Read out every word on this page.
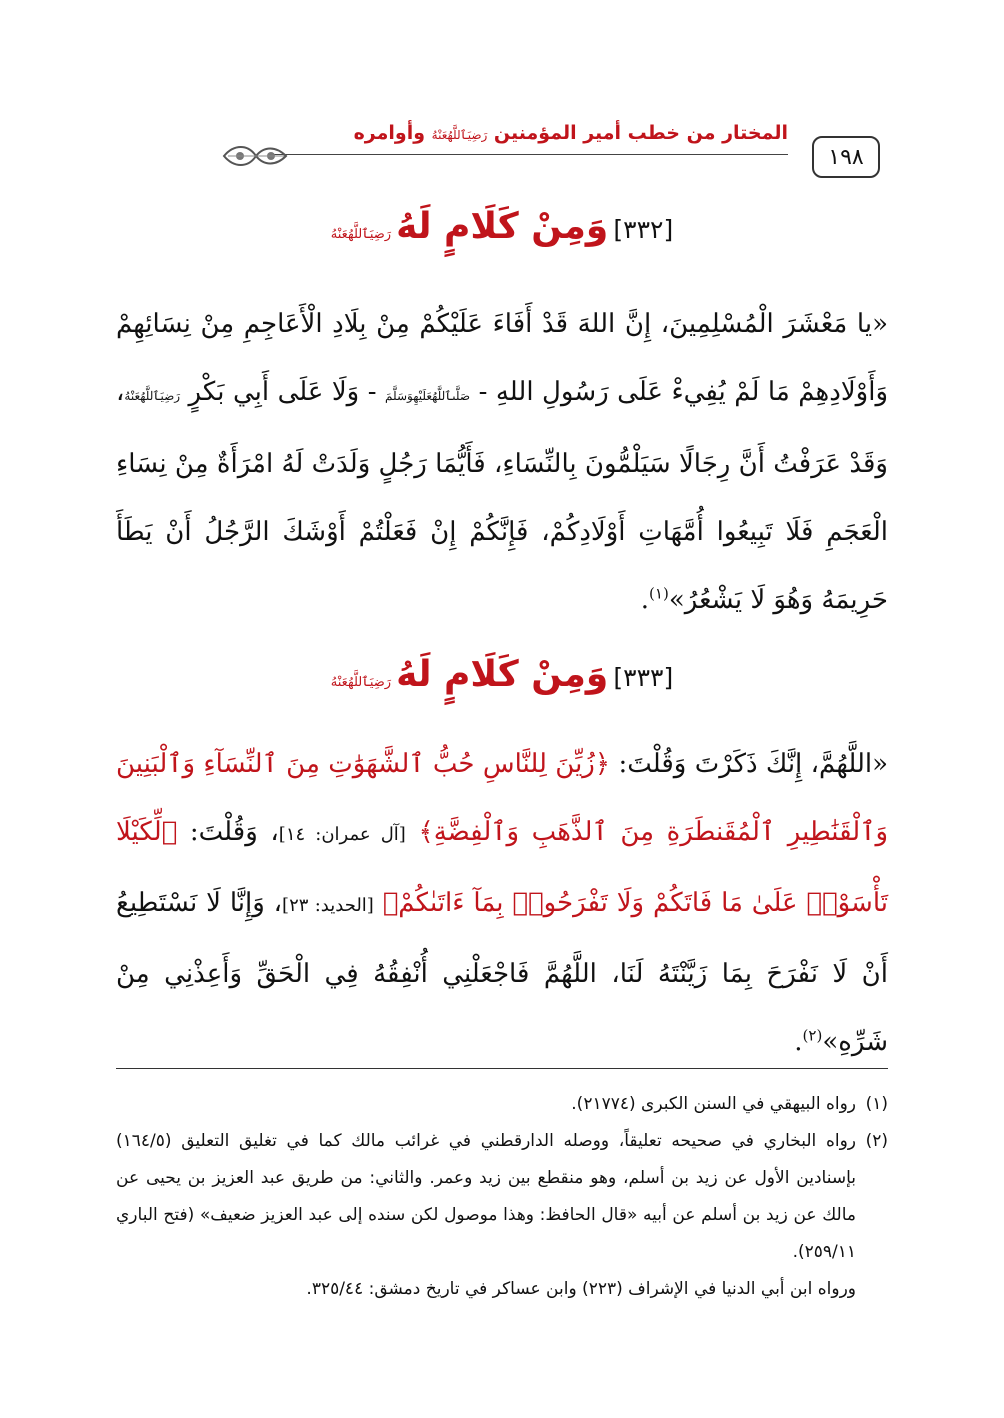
١٩٨
المختار من خطب أمير المؤمنين رَضِيَٱللَّهُعَنْهُ وأوامره
[٣٣٢] وَمِنْ كَلَامٍ لَهُ رَضِيَٱللَّهُعَنْهُ
«يا مَعْشَرَ الْمُسْلِمِينَ، إِنَّ اللهَ قَدْ أَفَاءَ عَلَيْكُمْ مِنْ بِلَادِ الْأَعَاجِمِ مِنْ نِسَائِهِمْ وَأَوْلَادِهِمْ مَا لَمْ يُفِيءْ عَلَى رَسُولِ اللهِ - صَلَّىٱللَّهُعَلَيْهِوَسَلَّمَ - وَلَا عَلَى أَبِي بَكْرٍ رَضِيَٱللَّهُعَنْهُ، وَقَدْ عَرَفْتُ أَنَّ رِجَالًا سَيَلْمُّونَ بِالنِّسَاءِ، فَأَيُّمَا رَجُلٍ وَلَدَتْ لَهُ امْرَأَةٌ مِنْ نِسَاءِ الْعَجَمِ فَلَا تَبِيعُوا أُمَّهَاتِ أَوْلَادِكُمْ، فَإِنَّكُمْ إِنْ فَعَلْتُمْ أَوْشَكَ الرَّجُلُ أَنْ يَطَأَ حَرِيمَهُ وَهُوَ لَا يَشْعُرُ»$^{(١)}$.
[٣٣٣] وَمِنْ كَلَامٍ لَهُ رَضِيَٱللَّهُعَنْهُ
«اللَّهُمَّ، إِنَّكَ ذَكَرْتَ وَقُلْتَ: ﴿زُيِّنَ لِلنَّاسِ حُبُّ ٱلشَّهَوَٰتِ مِنَ ٱلنِّسَآءِ وَٱلْبَنِينَ وَٱلْقَنَٰطِيرِ ٱلْمُقَنطَرَةِ مِنَ ٱلذَّهَبِ وَٱلْفِضَّةِ﴾ [آل عمران: ١٤]، وَقُلْتَ: ﴿لِّكَيْلَا تَأْسَوْا۟ عَلَىٰ مَا فَاتَكُمْ وَلَا تَفْرَحُوا۟ بِمَآ ءَاتَىٰكُمْ﴾ [الحديد: ٢٣]، وَإِنَّا لَا نَسْتَطِيعُ أَنْ لَا نَفْرَحَ بِمَا زَيَّنْتَهُ لَنَا، اللَّهُمَّ فَاجْعَلْنِي أُنْفِقُهُ فِي الْحَقِّ وَأَعِذْنِي مِنْ شَرِّهِ»$^{(٢)}$.
(١)
رواه البيهقي في السنن الكبرى (٢١٧٧٤).
(٢)
رواه البخاري في صحيحه تعليقاً، ووصله الدارقطني في غرائب مالك كما في تغليق التعليق (١٦٤/٥) بإسنادين الأول عن زيد بن أسلم، وهو منقطع بين زيد وعمر. والثاني: من طريق عبد العزيز بن يحيى عن مالك عن زيد بن أسلم عن أبيه «قال الحافظ: وهذا موصول لكن سنده إلى عبد العزيز ضعيف» (فتح الباري ٢٥٩/١١).
ورواه ابن أبي الدنيا في الإشراف (٢٢٣) وابن عساكر في تاريخ دمشق: ٣٢٥/٤٤.
